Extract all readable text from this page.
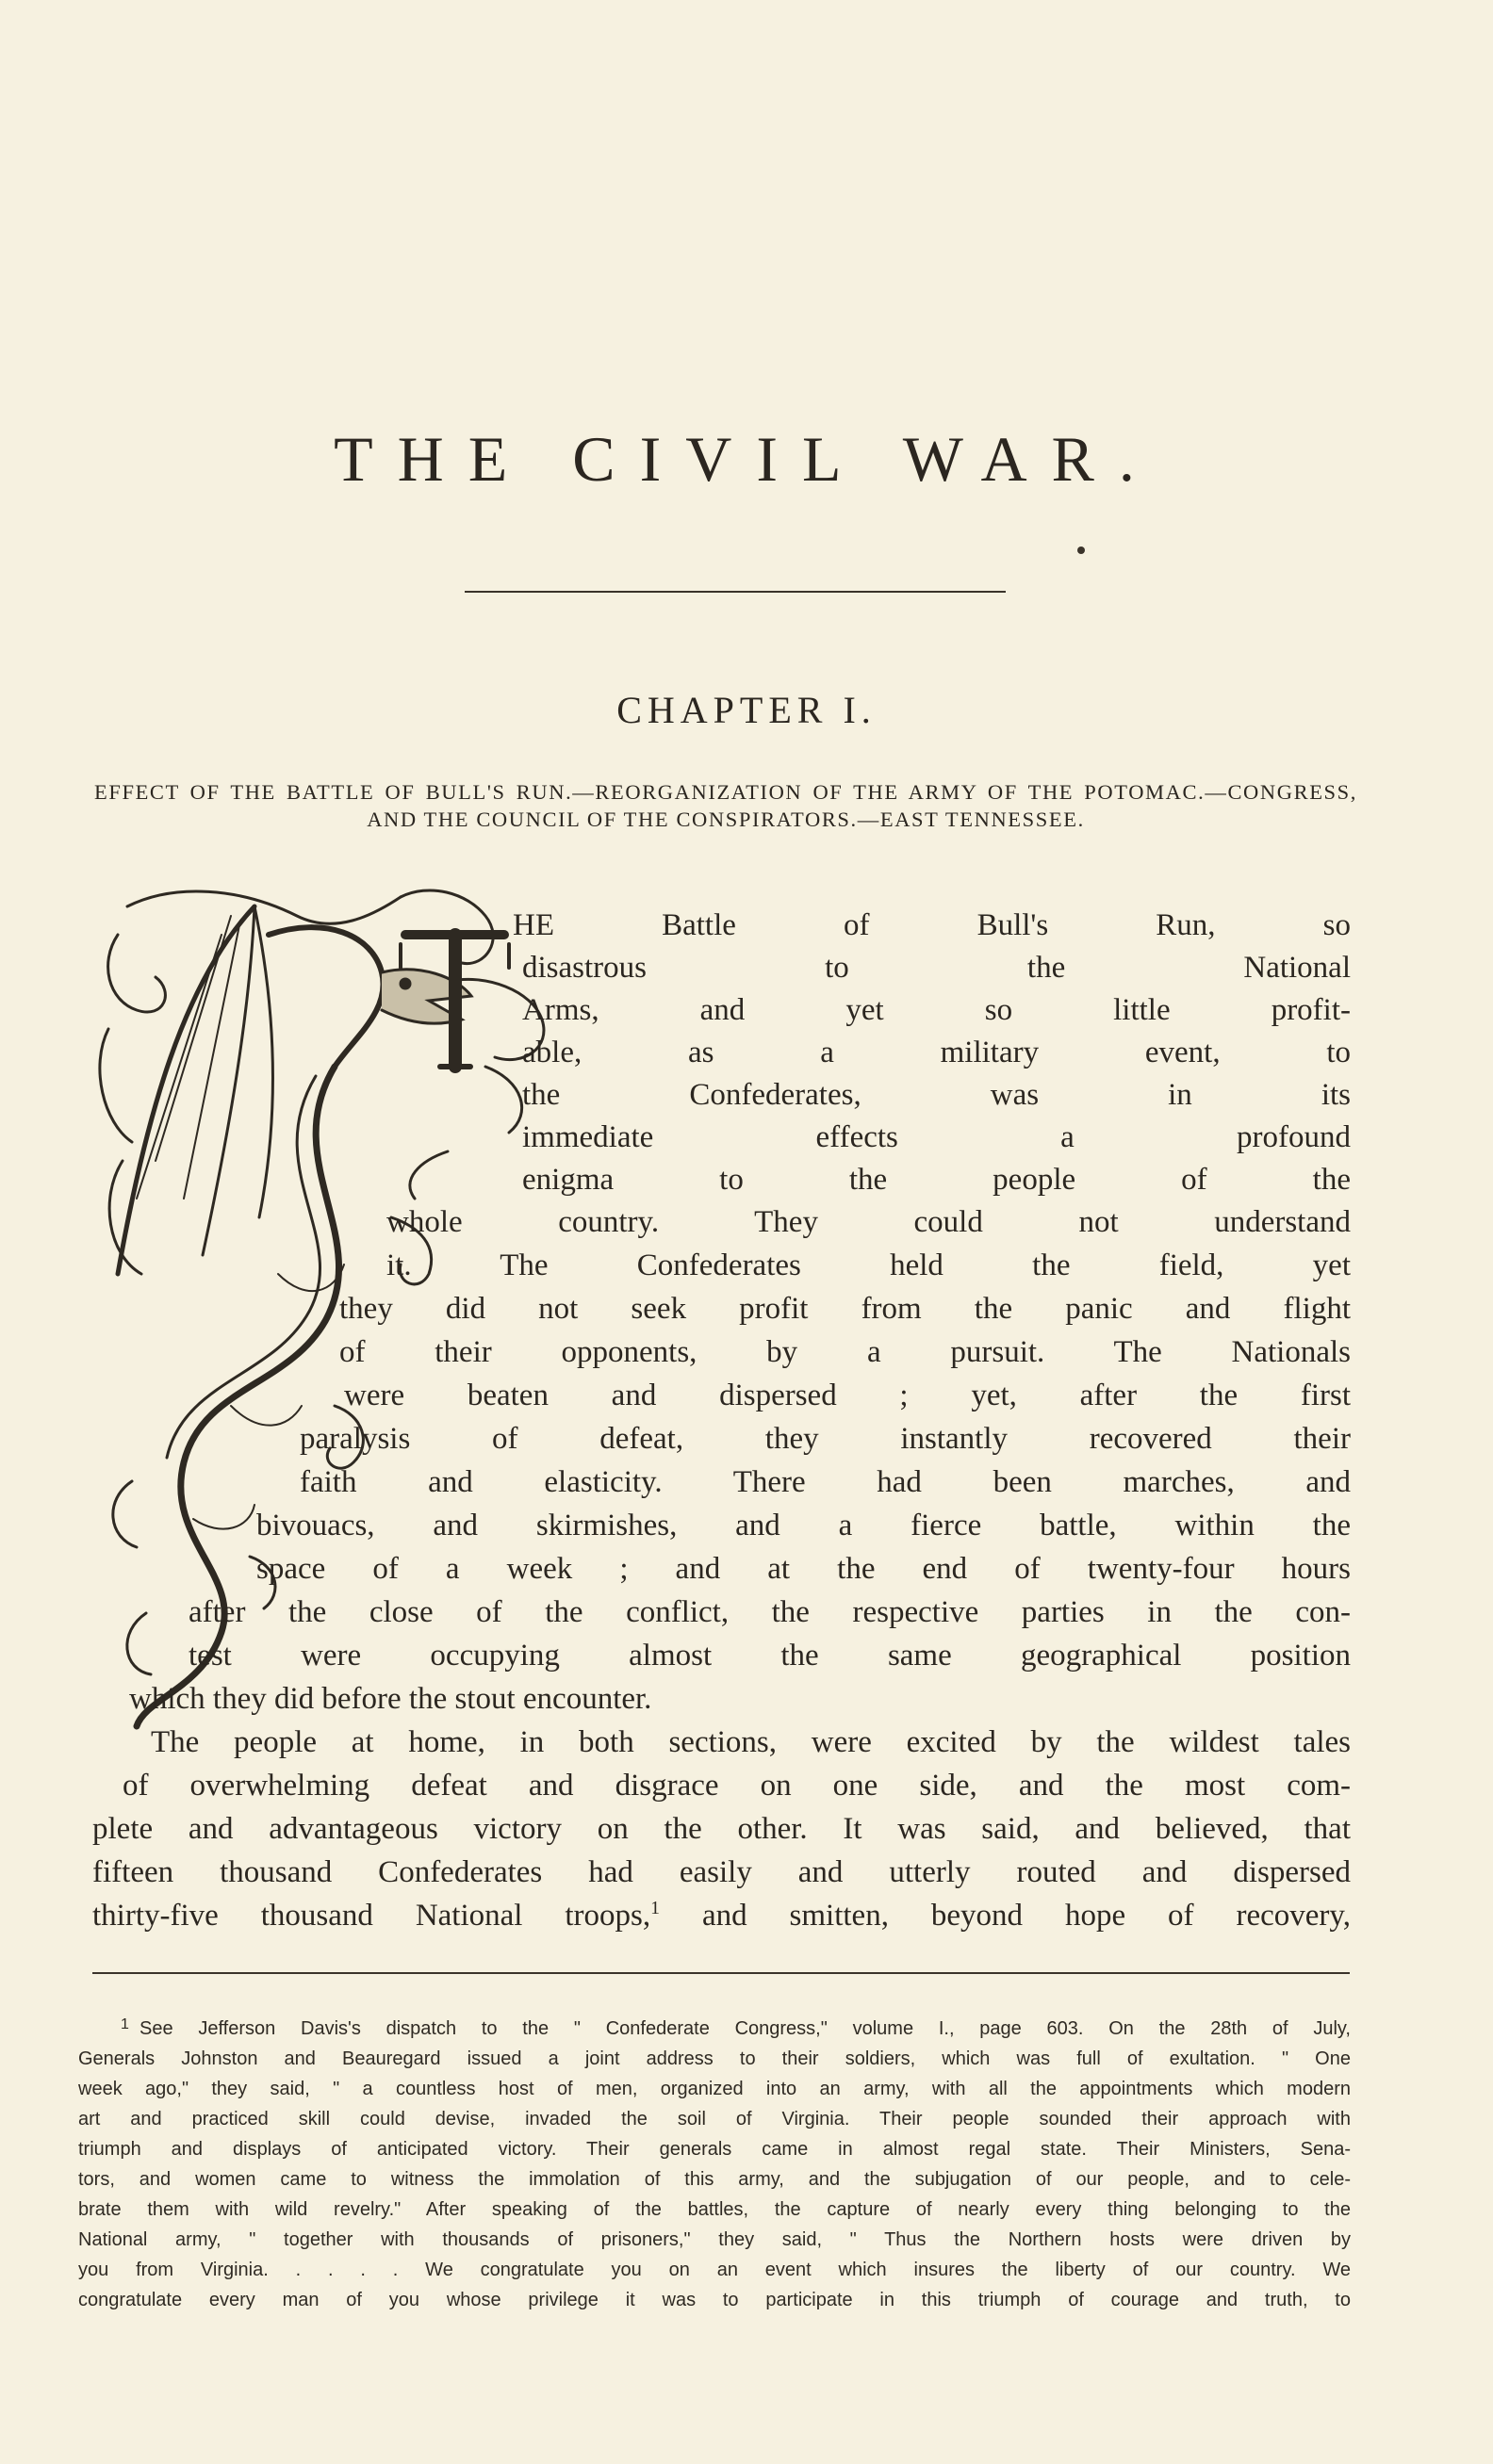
THE CIVIL WAR.
CHAPTER I.

EFFECT OF THE BATTLE OF BULL'S RUN.—REORGANIZATION OF THE ARMY OF THE POTOMAC.—CONGRESS, AND THE COUNCIL OF THE CONSPIRATORS.—EAST TENNESSEE.

HE Battle of Bull's Run, so
disastrous to the National
Arms, and yet so little profit-
able, as a military event, to
the Confederates, was in its
immediate effects a profound
enigma to the people of the
whole country. They could not understand
it. The Confederates held the field, yet
they did not seek profit from the panic and flight
of their opponents, by a pursuit. The Nationals
were beaten and dispersed ; yet, after the first
paralysis of defeat, they instantly recovered their
faith and elasticity. There had been marches, and
bivouacs, and skirmishes, and a fierce battle, within the
space of a week ; and at the end of twenty-four hours
after the close of the conflict, the respective parties in the con-
test were occupying almost the same geographical position
which they did before the stout encounter.
The people at home, in both sections, were excited by the wildest tales
of overwhelming defeat and disgrace on one side, and the most com-
plete and advantageous victory on the other. It was said, and believed, that
fifteen thousand Confederates had easily and utterly routed and dispersed
thirty-five thousand National troops,$^1$ and smitten, beyond hope of recovery,
1 See Jefferson Davis's dispatch to the " Confederate Congress," volume I., page 603. On the 28th of July,
Generals Johnston and Beauregard issued a joint address to their soldiers, which was full of exultation. " One
week ago," they said, " a countless host of men, organized into an army, with all the appointments which modern
art and practiced skill could devise, invaded the soil of Virginia. Their people sounded their approach with
triumph and displays of anticipated victory. Their generals came in almost regal state. Their Ministers, Sena-
tors, and women came to witness the immolation of this army, and the subjugation of our people, and to cele-
brate them with wild revelry." After speaking of the battles, the capture of nearly every thing belonging to the
National army, " together with thousands of prisoners," they said, " Thus the Northern hosts were driven by
you from Virginia. . . . . We congratulate you on an event which insures the liberty of our country. We
congratulate every man of you whose privilege it was to participate in this triumph of courage and truth, to
